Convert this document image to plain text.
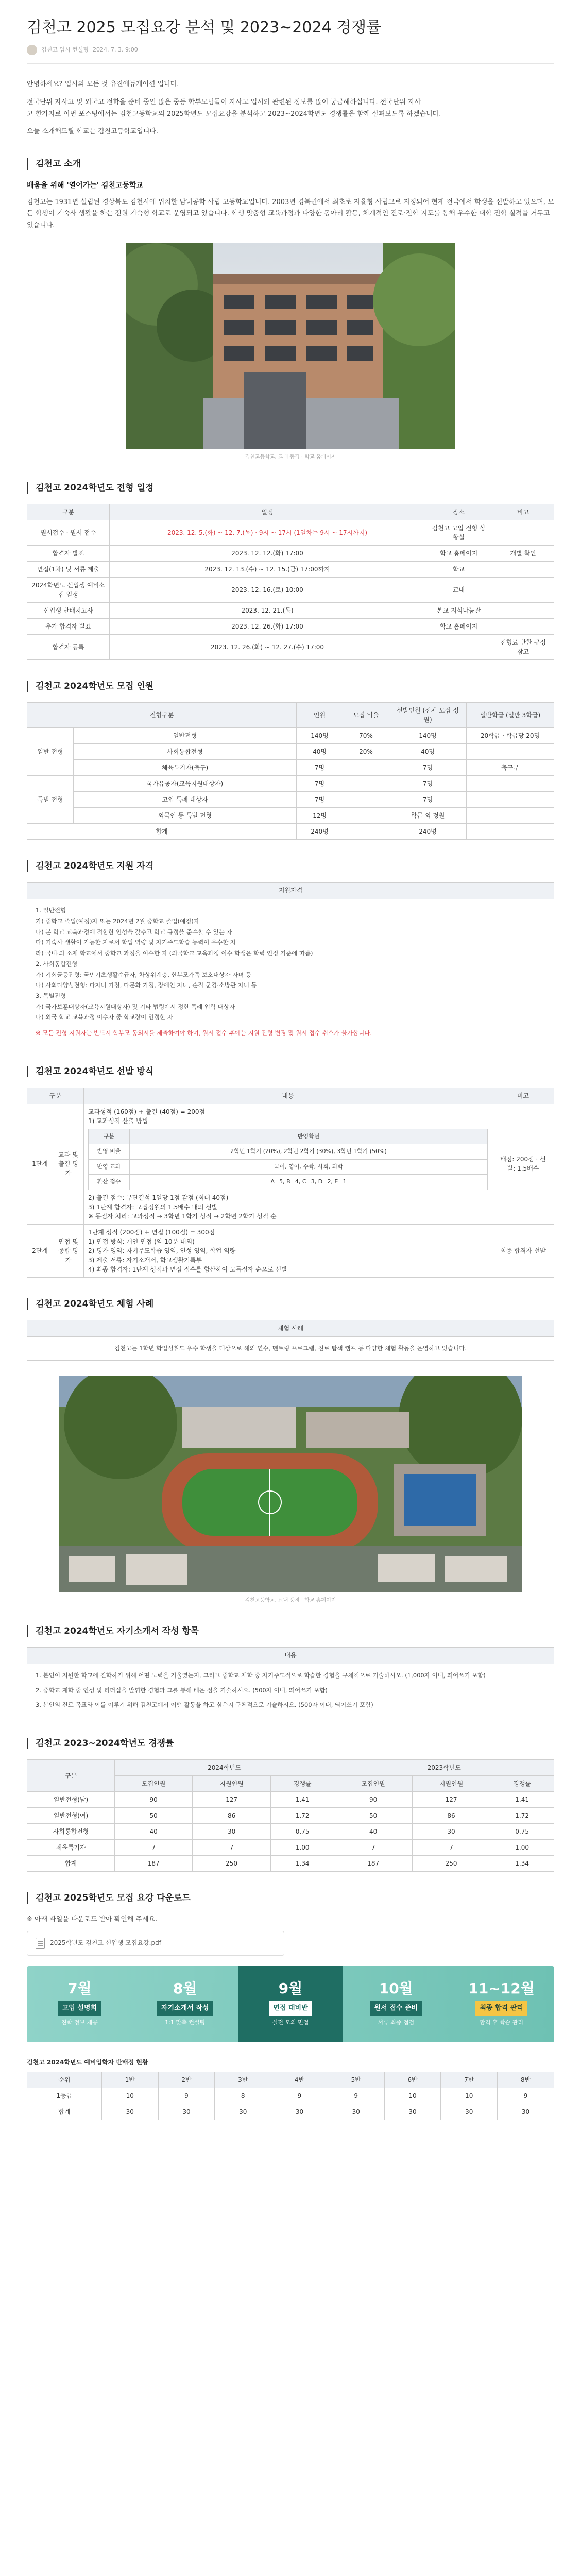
김천고 2025 모집요강 분석 및 2023~2024 경쟁률
김천고 입시 컨설팅 2024. 7. 3. 9:00

안녕하세요? 입시의 모든 것 유진에듀케이션 입니다.

전국단위 자사고 및 외국고 전학을 준비 중인 많은 중등 학부모님들이 자사고 입시와 관련된 정보를 많이 궁금해하십니다. 전국단위 자사

고 한가지로 이번 포스팅에서는 김천고등학교의 2025학년도 모집요강을 분석하고 2023~2024학년도 경쟁률을 함께 살펴보도록 하겠습니다.

오늘 소개해드릴 학교는 김천고등학교입니다.

김천고 소개
배움을 위해 '열어가는' 김천고등학교

김천고는 1931년 설립된 경상북도 김천시에 위치한 남녀공학 사립 고등학교입니다. 2003년 경북권에서 최초로 자율형 사립고로 지정되어 현재 전국에서 학생을 선발하고 있으며, 모든 학생이 기숙사 생활을 하는 전원 기숙형 학교로 운영되고 있습니다. 학생 맞춤형 교육과정과 다양한 동아리 활동, 체계적인 진로·진학 지도를 통해 우수한 대학 진학 실적을 거두고 있습니다.

김천고등학교, 교내 풍경 · 학교 홈페이지
김천고 2024학년도 전형 일정
구분	일정	장소	비고
원서접수 · 원서 접수	2023. 12. 5.(화) ~ 12. 7.(목) · 9시 ~ 17시 (1일차는 9시 ~ 17시까지)	김천고 고입 전형 상황실	
합격자 발표	2023. 12. 12.(화) 17:00	학교 홈페이지	개별 확인
면접(1차) 및 서류 제출	2023. 12. 13.(수) ~ 12. 15.(금) 17:00까지	학교	
2024학년도 신입생 예비소집 일정	2023. 12. 16.(토) 10:00	교내	
신입생 반배치고사	2023. 12. 21.(목)	본교 지식나눔관	
추가 합격자 발표	2023. 12. 26.(화) 17:00	학교 홈페이지	
합격자 등록	2023. 12. 26.(화) ~ 12. 27.(수) 17:00		전형료 반환 규정 참고
김천고 2024학년도 모집 인원
전형구분		인원	모집 비율	선발인원 (전체 모집 정원)	일반학급 (일반 3학급)
일반 전형	일반전형	140명	70%	140명	20학급 · 학급당 20명
	사회통합전형	40명	20%	40명	
	체육특기자(축구)	7명		7명	축구부
특별 전형	국가유공자(교육지원대상자)	7명		7명	
	고입 특례 대상자	7명		7명	
	외국인 등 특별 전형	12명		학급 외 정원	
합계		240명		240명	
김천고 2024학년도 지원 자격
지원자격

1. 일반전형

가) 중학교 졸업(예정)자 또는 2024년 2월 중학교 졸업(예정)자

나) 본 학교 교육과정에 적합한 인성을 갖추고 학교 규정을 준수할 수 있는 자

다) 기숙사 생활이 가능한 자로서 학업 역량 및 자기주도학습 능력이 우수한 자

라) 국내·외 소재 학교에서 중학교 과정을 이수한 자 (외국학교 교육과정 이수 학생은 학력 인정 기준에 따름)

2. 사회통합전형

가) 기회균등전형: 국민기초생활수급자, 차상위계층, 한부모가족 보호대상자 자녀 등

나) 사회다양성전형: 다자녀 가정, 다문화 가정, 장애인 자녀, 순직 군경·소방관 자녀 등

3. 특별전형

가) 국가보훈대상자(교육지원대상자) 및 기타 법령에서 정한 특례 입학 대상자

나) 외국 학교 교육과정 이수자 중 학교장이 인정한 자

※ 모든 전형 지원자는 반드시 학부모 동의서를 제출하여야 하며, 원서 접수 후에는 지원 전형 변경 및 원서 접수 취소가 불가합니다.

김천고 2024학년도 선발 방식
구분	내용	비고
1단계	교과 및 출결 평가	
교과성적 (160점) + 출결 (40점) = 200점
1) 교과성적 산출 방법
구분	반영학년
반영 비율	2학년 1학기 (20%), 2학년 2학기 (30%), 3학년 1학기 (50%)
반영 교과	국어, 영어, 수학, 사회, 과학
환산 점수	A=5, B=4, C=3, D=2, E=1
2) 출결 점수: 무단결석 1일당 1점 감점 (최대 40점)
3) 1단계 합격자: 모집정원의 1.5배수 내외 선발
※ 동점자 처리: 교과성적 → 3학년 1학기 성적 → 2학년 2학기 성적 순
	배점: 200점 · 선발: 1.5배수
2단계	면접 및 종합 평가	
1단계 성적 (200점) + 면접 (100점) = 300점
1) 면접 방식: 개인 면접 (약 10분 내외)
2) 평가 영역: 자기주도학습 영역, 인성 영역, 학업 역량
3) 제출 서류: 자기소개서, 학교생활기록부
4) 최종 합격자: 1단계 성적과 면접 점수를 합산하여 고득점자 순으로 선발
	최종 합격자 선발
김천고 2024학년도 체험 사례
체험 사례
김천고는 1학년 학업성취도 우수 학생을 대상으로 해외 연수, 멘토링 프로그램, 진로 탐색 캠프 등 다양한 체험 활동을 운영하고 있습니다.
김천고등학교, 교내 풍경 · 학교 홈페이지
김천고 2024학년도 자기소개서 작성 항목
내용

1. 본인이 지원한 학교에 진학하기 위해 어떤 노력을 기울였는지, 그리고 중학교 재학 중 자기주도적으로 학습한 경험을 구체적으로 기술하시오. (1,000자 이내, 띄어쓰기 포함)

2. 중학교 재학 중 인성 및 리더십을 발휘한 경험과 그를 통해 배운 점을 기술하시오. (500자 이내, 띄어쓰기 포함)

3. 본인의 진로 목표와 이를 이루기 위해 김천고에서 어떤 활동을 하고 싶은지 구체적으로 기술하시오. (500자 이내, 띄어쓰기 포함)

김천고 2023~2024학년도 경쟁률
구분	2024학년도			2023학년도		
	모집인원	지원인원	경쟁률	모집인원	지원인원	경쟁률
일반전형(남)	90	127	1.41	90	127	1.41
일반전형(여)	50	86	1.72	50	86	1.72
사회통합전형	40	30	0.75	40	30	0.75
체육특기자	7	7	1.00	7	7	1.00
합계	187	250	1.34	187	250	1.34
김천고 2025학년도 모집 요강 다운로드
※ 아래 파일을 다운로드 받아 확인해 주세요.
2025학년도 김천고 신입생 모집요강.pdf
7월
고입 설명회
진학 정보 제공
8월
자기소개서 작성
1:1 맞춤 컨설팅
9월
면접 대비반
실전 모의 면접
10월
원서 접수 준비
서류 최종 점검
11~12월
최종 합격 관리
합격 후 학습 관리
김천고 2024학년도 예비입학자 반배정 현황
순위	1반	2반	3반	4반	5반	6반	7반	8반
1등급	10	9	8	9	9	10	10	9
합계	30	30	30	30	30	30	30	30
